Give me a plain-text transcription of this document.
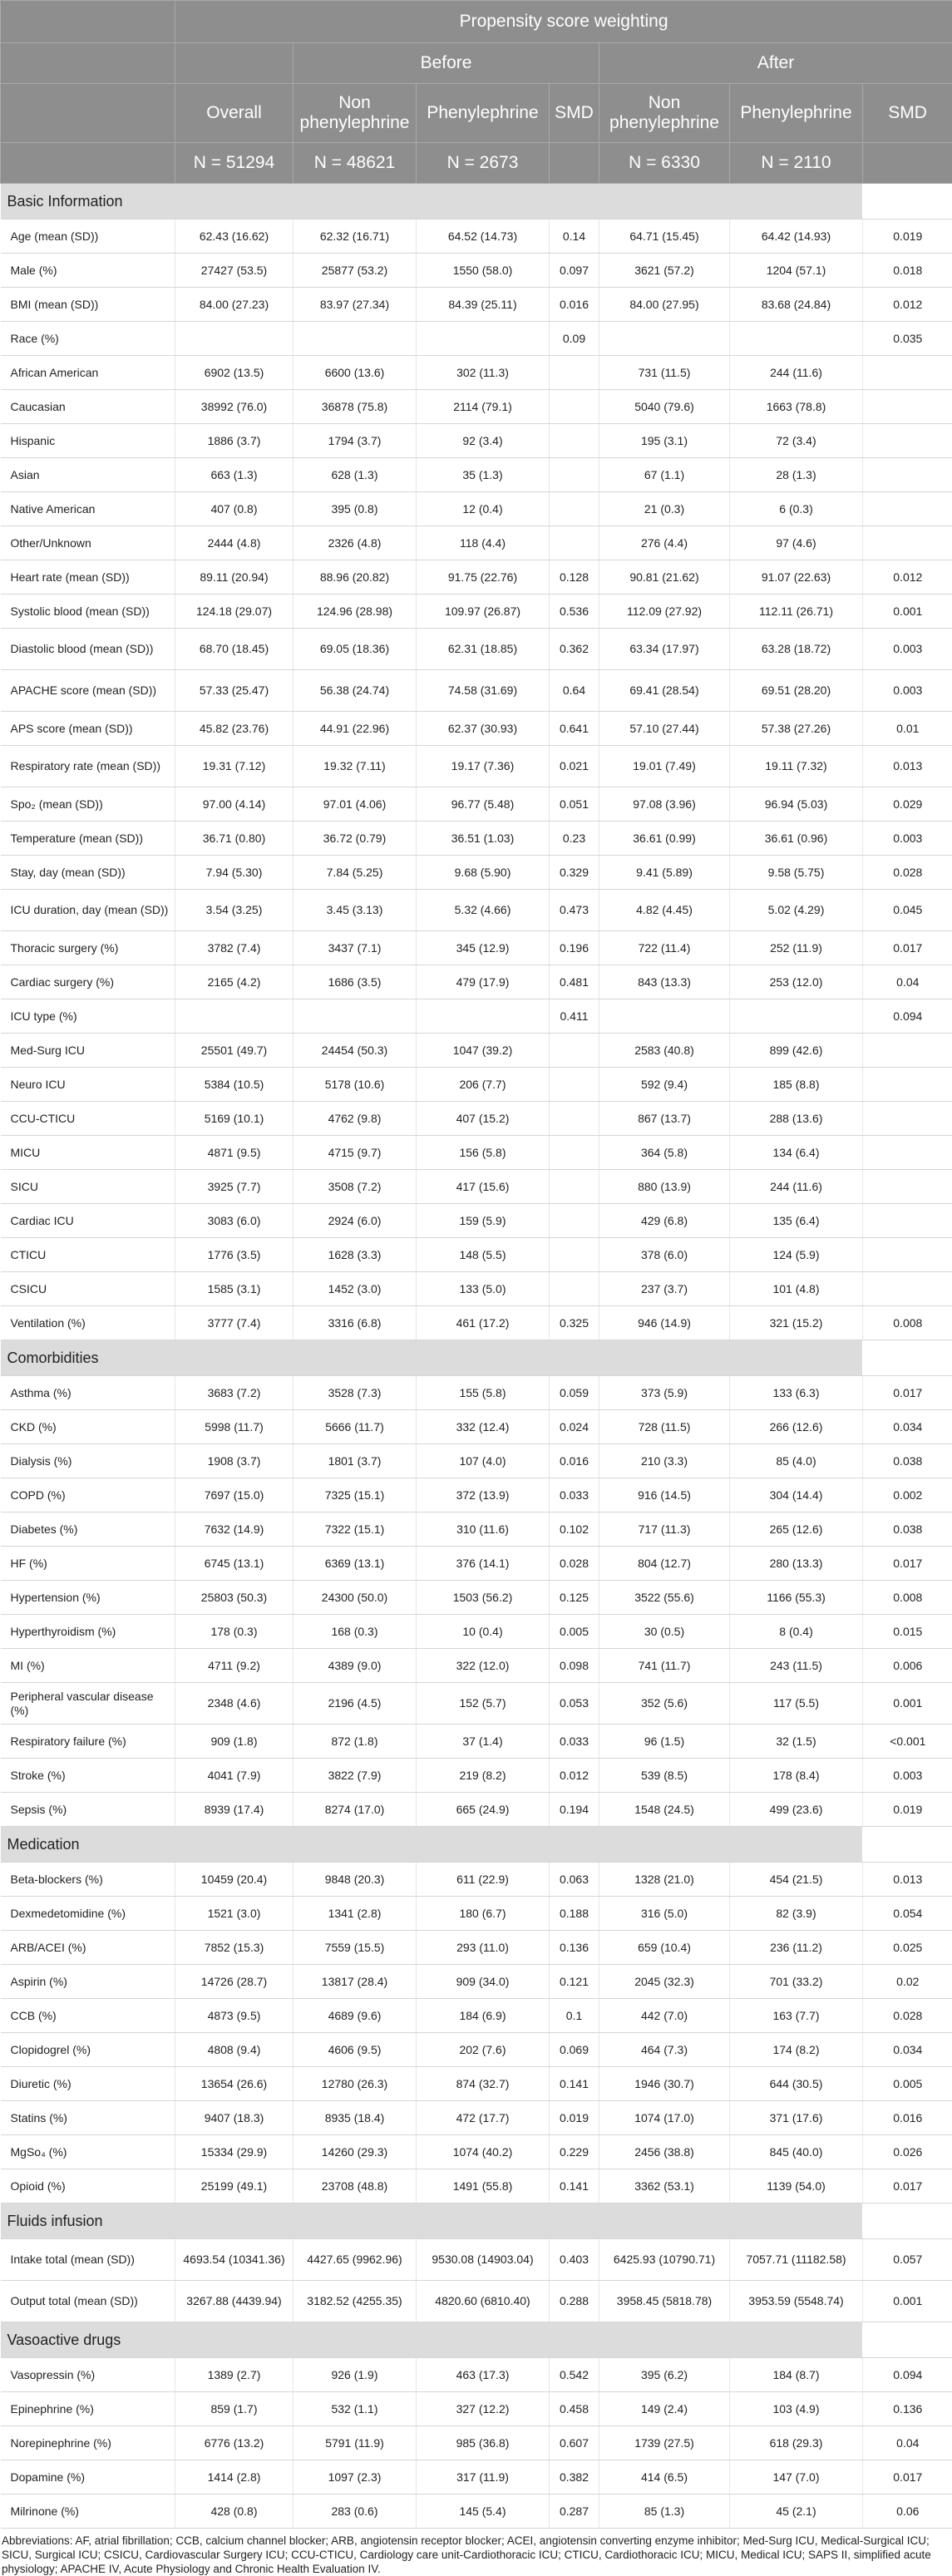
	Propensity score weighting						
		Before			After		
	Overall	Non phenylephrine	Phenylephrine	SMD	Non phenylephrine	Phenylephrine	SMD
	N = 51294	N = 48621	N = 2673		N = 6330	N = 2110	
Basic Information							
Age (mean (SD))	62.43 (16.62)	62.32 (16.71)	64.52 (14.73)	0.14	64.71 (15.45)	64.42 (14.93)	0.019
Male (%)	27427 (53.5)	25877 (53.2)	1550 (58.0)	0.097	3621 (57.2)	1204 (57.1)	0.018
BMI (mean (SD))	84.00 (27.23)	83.97 (27.34)	84.39 (25.11)	0.016	84.00 (27.95)	83.68 (24.84)	0.012
Race (%)				0.09			0.035
African American	6902 (13.5)	6600 (13.6)	302 (11.3)		731 (11.5)	244 (11.6)	
Caucasian	38992 (76.0)	36878 (75.8)	2114 (79.1)		5040 (79.6)	1663 (78.8)	
Hispanic	1886 (3.7)	1794 (3.7)	92 (3.4)		195 (3.1)	72 (3.4)	
Asian	663 (1.3)	628 (1.3)	35 (1.3)		67 (1.1)	28 (1.3)	
Native American	407 (0.8)	395 (0.8)	12 (0.4)		21 (0.3)	6 (0.3)	
Other/Unknown	2444 (4.8)	2326 (4.8)	118 (4.4)		276 (4.4)	97 (4.6)	
Heart rate (mean (SD))	89.11 (20.94)	88.96 (20.82)	91.75 (22.76)	0.128	90.81 (21.62)	91.07 (22.63)	0.012
Systolic blood (mean (SD))	124.18 (29.07)	124.96 (28.98)	109.97 (26.87)	0.536	112.09 (27.92)	112.11 (26.71)	0.001
Diastolic blood (mean (SD))	68.70 (18.45)	69.05 (18.36)	62.31 (18.85)	0.362	63.34 (17.97)	63.28 (18.72)	0.003
APACHE score (mean (SD))	57.33 (25.47)	56.38 (24.74)	74.58 (31.69)	0.64	69.41 (28.54)	69.51 (28.20)	0.003
APS score (mean (SD))	45.82 (23.76)	44.91 (22.96)	62.37 (30.93)	0.641	57.10 (27.44)	57.38 (27.26)	0.01
Respiratory rate (mean (SD))	19.31 (7.12)	19.32 (7.11)	19.17 (7.36)	0.021	19.01 (7.49)	19.11 (7.32)	0.013
Spo₂ (mean (SD))	97.00 (4.14)	97.01 (4.06)	96.77 (5.48)	0.051	97.08 (3.96)	96.94 (5.03)	0.029
Temperature (mean (SD))	36.71 (0.80)	36.72 (0.79)	36.51 (1.03)	0.23	36.61 (0.99)	36.61 (0.96)	0.003
Stay, day (mean (SD))	7.94 (5.30)	7.84 (5.25)	9.68 (5.90)	0.329	9.41 (5.89)	9.58 (5.75)	0.028
ICU duration, day (mean (SD))	3.54 (3.25)	3.45 (3.13)	5.32 (4.66)	0.473	4.82 (4.45)	5.02 (4.29)	0.045
Thoracic surgery (%)	3782 (7.4)	3437 (7.1)	345 (12.9)	0.196	722 (11.4)	252 (11.9)	0.017
Cardiac surgery (%)	2165 (4.2)	1686 (3.5)	479 (17.9)	0.481	843 (13.3)	253 (12.0)	0.04
ICU type (%)				0.411			0.094
Med-Surg ICU	25501 (49.7)	24454 (50.3)	1047 (39.2)		2583 (40.8)	899 (42.6)	
Neuro ICU	5384 (10.5)	5178 (10.6)	206 (7.7)		592 (9.4)	185 (8.8)	
CCU-CTICU	5169 (10.1)	4762 (9.8)	407 (15.2)		867 (13.7)	288 (13.6)	
MICU	4871 (9.5)	4715 (9.7)	156 (5.8)		364 (5.8)	134 (6.4)	
SICU	3925 (7.7)	3508 (7.2)	417 (15.6)		880 (13.9)	244 (11.6)	
Cardiac ICU	3083 (6.0)	2924 (6.0)	159 (5.9)		429 (6.8)	135 (6.4)	
CTICU	1776 (3.5)	1628 (3.3)	148 (5.5)		378 (6.0)	124 (5.9)	
CSICU	1585 (3.1)	1452 (3.0)	133 (5.0)		237 (3.7)	101 (4.8)	
Ventilation (%)	3777 (7.4)	3316 (6.8)	461 (17.2)	0.325	946 (14.9)	321 (15.2)	0.008
Comorbidities							
Asthma (%)	3683 (7.2)	3528 (7.3)	155 (5.8)	0.059	373 (5.9)	133 (6.3)	0.017
CKD (%)	5998 (11.7)	5666 (11.7)	332 (12.4)	0.024	728 (11.5)	266 (12.6)	0.034
Dialysis (%)	1908 (3.7)	1801 (3.7)	107 (4.0)	0.016	210 (3.3)	85 (4.0)	0.038
COPD (%)	7697 (15.0)	7325 (15.1)	372 (13.9)	0.033	916 (14.5)	304 (14.4)	0.002
Diabetes (%)	7632 (14.9)	7322 (15.1)	310 (11.6)	0.102	717 (11.3)	265 (12.6)	0.038
HF (%)	6745 (13.1)	6369 (13.1)	376 (14.1)	0.028	804 (12.7)	280 (13.3)	0.017
Hypertension (%)	25803 (50.3)	24300 (50.0)	1503 (56.2)	0.125	3522 (55.6)	1166 (55.3)	0.008
Hyperthyroidism (%)	178 (0.3)	168 (0.3)	10 (0.4)	0.005	30 (0.5)	8 (0.4)	0.015
MI (%)	4711 (9.2)	4389 (9.0)	322 (12.0)	0.098	741 (11.7)	243 (11.5)	0.006
Peripheral vascular disease (%)	2348 (4.6)	2196 (4.5)	152 (5.7)	0.053	352 (5.6)	117 (5.5)	0.001
Respiratory failure (%)	909 (1.8)	872 (1.8)	37 (1.4)	0.033	96 (1.5)	32 (1.5)	<0.001
Stroke (%)	4041 (7.9)	3822 (7.9)	219 (8.2)	0.012	539 (8.5)	178 (8.4)	0.003
Sepsis (%)	8939 (17.4)	8274 (17.0)	665 (24.9)	0.194	1548 (24.5)	499 (23.6)	0.019
Medication							
Beta-blockers (%)	10459 (20.4)	9848 (20.3)	611 (22.9)	0.063	1328 (21.0)	454 (21.5)	0.013
Dexmedetomidine (%)	1521 (3.0)	1341 (2.8)	180 (6.7)	0.188	316 (5.0)	82 (3.9)	0.054
ARB/ACEI (%)	7852 (15.3)	7559 (15.5)	293 (11.0)	0.136	659 (10.4)	236 (11.2)	0.025
Aspirin (%)	14726 (28.7)	13817 (28.4)	909 (34.0)	0.121	2045 (32.3)	701 (33.2)	0.02
CCB (%)	4873 (9.5)	4689 (9.6)	184 (6.9)	0.1	442 (7.0)	163 (7.7)	0.028
Clopidogrel (%)	4808 (9.4)	4606 (9.5)	202 (7.6)	0.069	464 (7.3)	174 (8.2)	0.034
Diuretic (%)	13654 (26.6)	12780 (26.3)	874 (32.7)	0.141	1946 (30.7)	644 (30.5)	0.005
Statins (%)	9407 (18.3)	8935 (18.4)	472 (17.7)	0.019	1074 (17.0)	371 (17.6)	0.016
MgSo₄ (%)	15334 (29.9)	14260 (29.3)	1074 (40.2)	0.229	2456 (38.8)	845 (40.0)	0.026
Opioid (%)	25199 (49.1)	23708 (48.8)	1491 (55.8)	0.141	3362 (53.1)	1139 (54.0)	0.017
Fluids infusion							
Intake total (mean (SD))	4693.54 (10341.36)	4427.65 (9962.96)	9530.08 (14903.04)	0.403	6425.93 (10790.71)	7057.71 (11182.58)	0.057
Output total (mean (SD))	3267.88 (4439.94)	3182.52 (4255.35)	4820.60 (6810.40)	0.288	3958.45 (5818.78)	3953.59 (5548.74)	0.001
Vasoactive drugs							
Vasopressin (%)	1389 (2.7)	926 (1.9)	463 (17.3)	0.542	395 (6.2)	184 (8.7)	0.094
Epinephrine (%)	859 (1.7)	532 (1.1)	327 (12.2)	0.458	149 (2.4)	103 (4.9)	0.136
Norepinephrine (%)	6776 (13.2)	5791 (11.9)	985 (36.8)	0.607	1739 (27.5)	618 (29.3)	0.04
Dopamine (%)	1414 (2.8)	1097 (2.3)	317 (11.9)	0.382	414 (6.5)	147 (7.0)	0.017
Milrinone (%)	428 (0.8)	283 (0.6)	145 (5.4)	0.287	85 (1.3)	45 (2.1)	0.06
Abbreviations: AF, atrial fibrillation; CCB, calcium channel blocker; ARB, angiotensin receptor blocker; ACEI, angiotensin converting enzyme inhibitor; Med-Surg ICU, Medical-Surgical ICU; SICU, Surgical ICU; CSICU, Cardiovascular Surgery ICU; CCU-CTICU, Cardiology care unit-Cardiothoracic ICU; CTICU, Cardiothoracic ICU; MICU, Medical ICU; SAPS II, simplified acute physiology; APACHE IV, Acute Physiology and Chronic Health Evaluation IV.
